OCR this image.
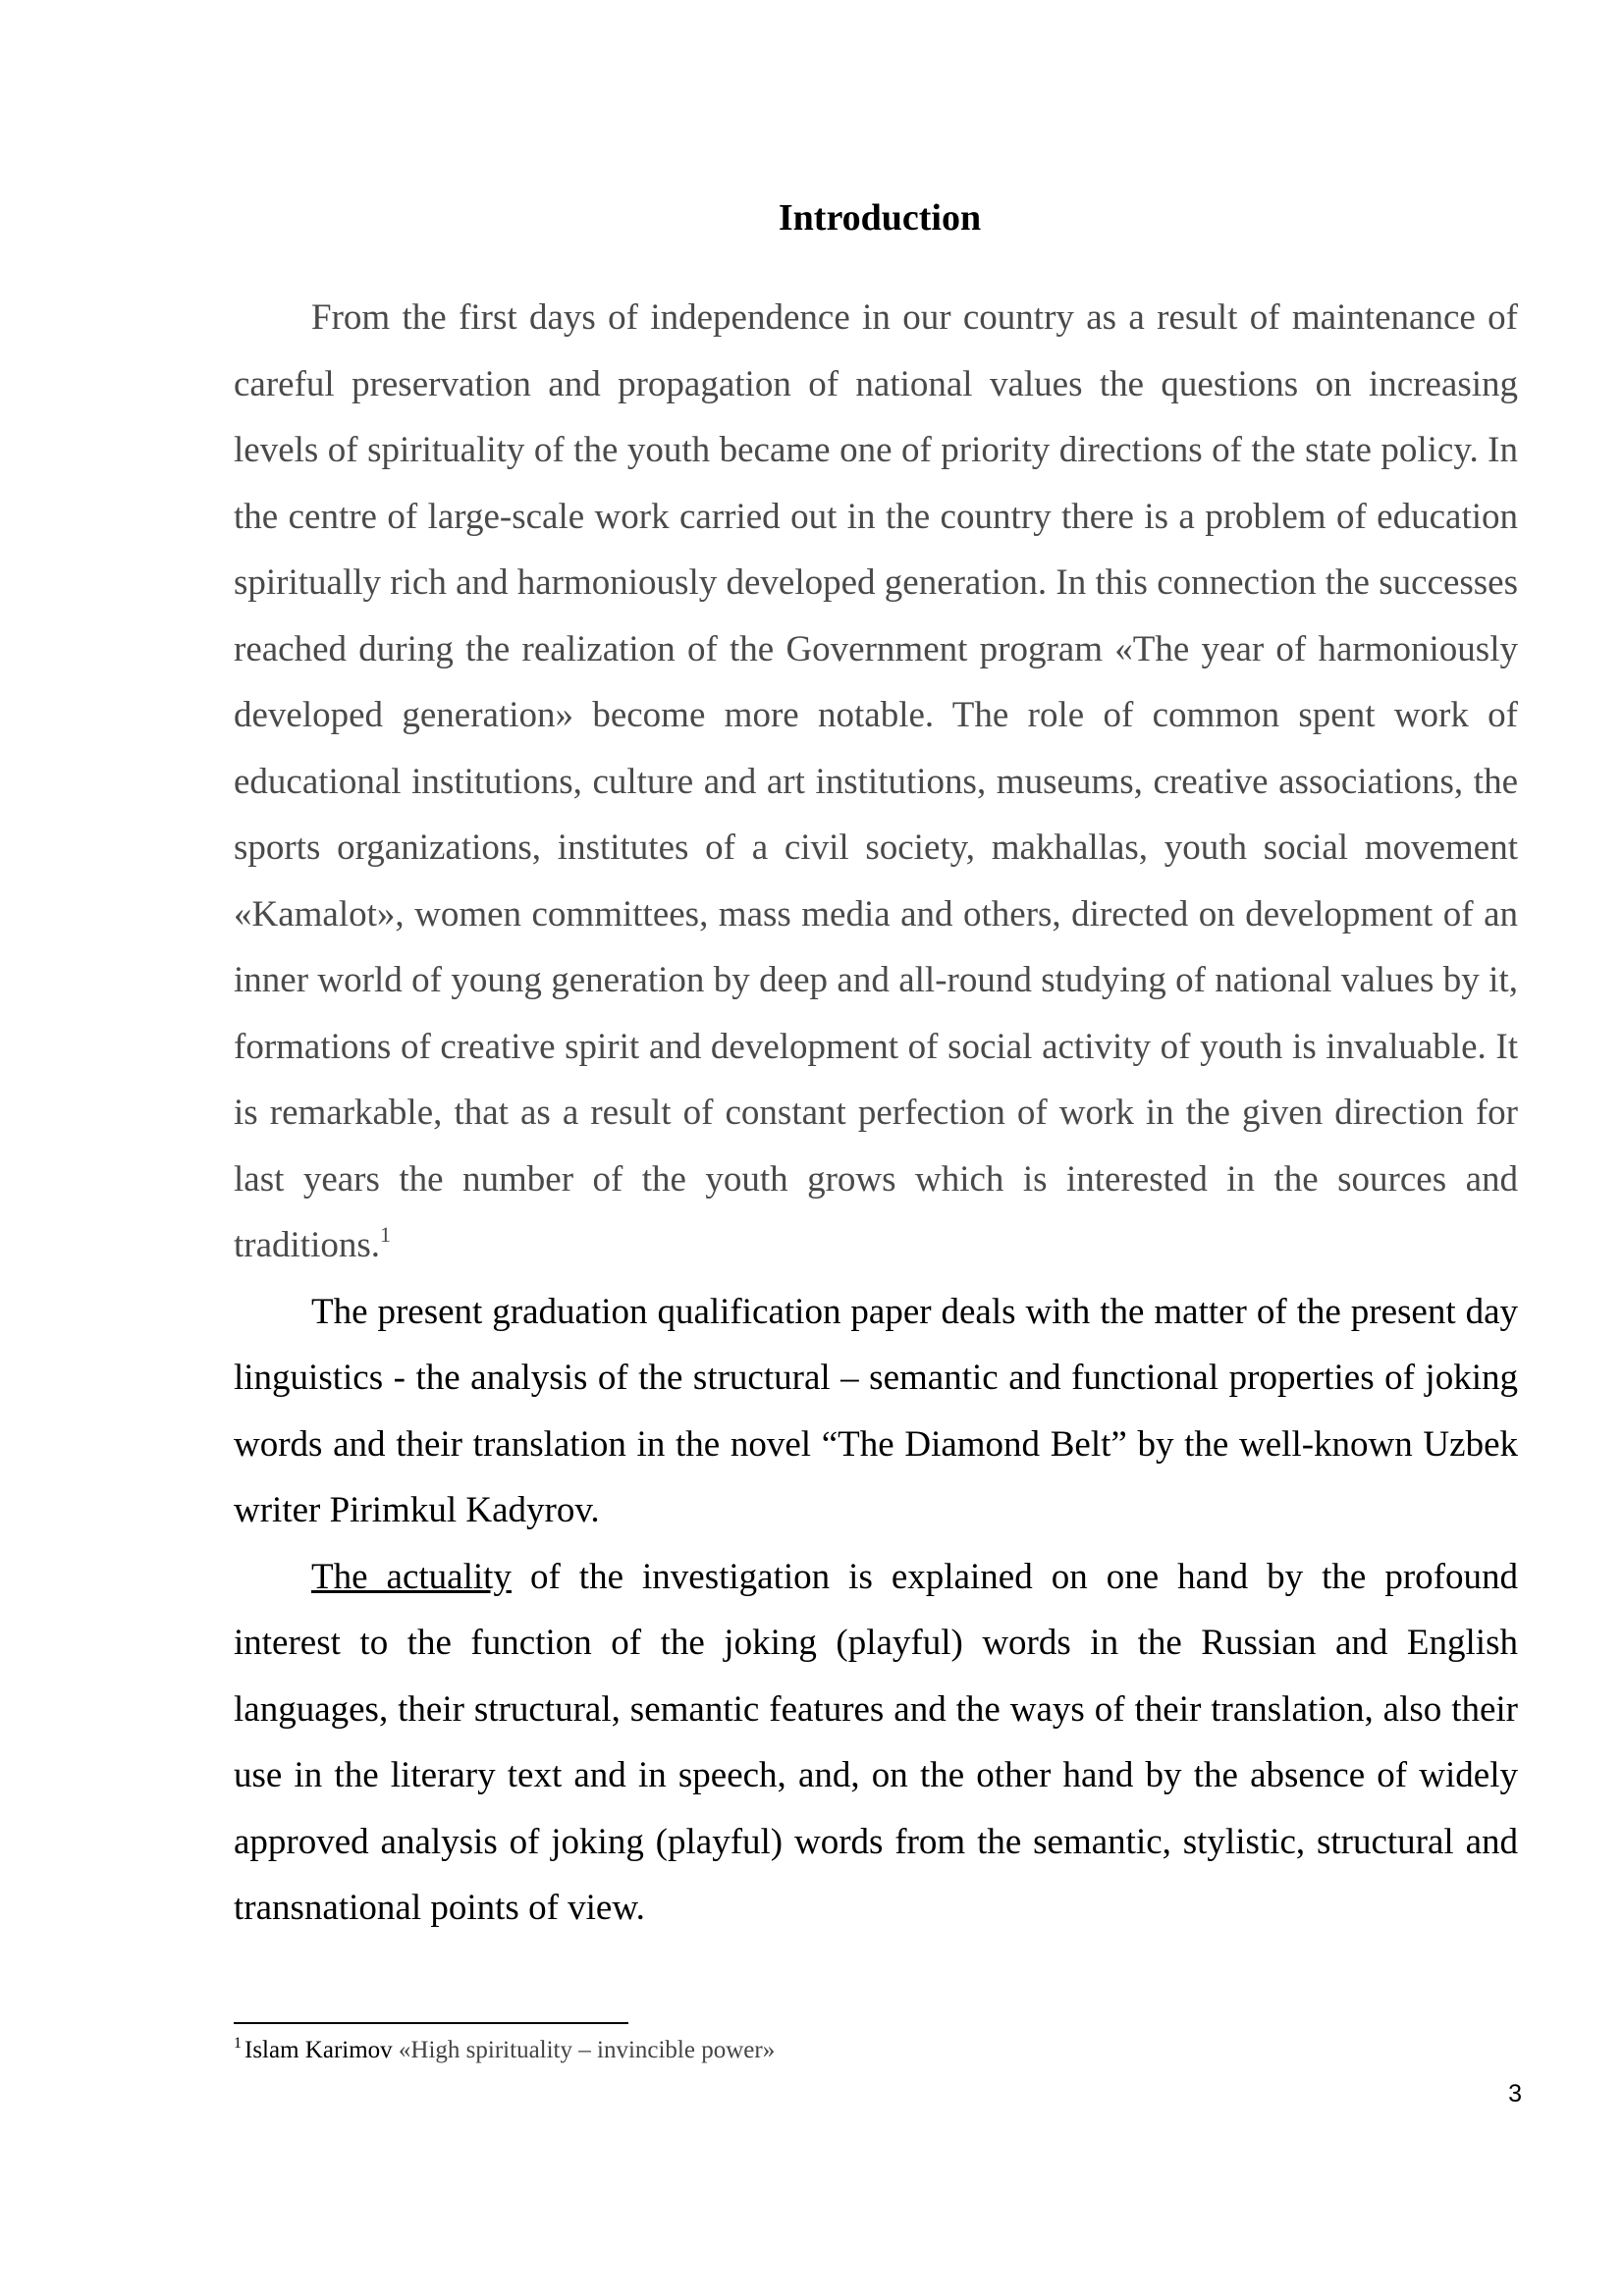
Introduction

From the first days of independence in our country as a result of maintenance of careful preservation and propagation of national values the questions on increasing levels of spirituality of the youth became one of priority directions of the state policy. In the centre of large-scale work carried out in the country there is a problem of education spiritually rich and harmoniously developed generation. In this connection the successes reached during the realization of the Government program «The year of harmoniously developed generation» become more notable. The role of common spent work of educational institutions, culture and art institutions, museums, creative associations, the sports organizations, institutes of a civil society, makhallas, youth social movement «Kamalot», women committees, mass media and others, directed on development of an inner world of young generation by deep and all-round studying of national values by it, formations of creative spirit and development of social activity of youth is invaluable. It is remarkable, that as a result of constant perfection of work in the given direction for last years the number of the youth grows which is interested in the sources and traditions.$^1$

The present graduation qualification paper deals with the matter of the present day linguistics - the analysis of the structural – semantic and functional properties of joking words and their translation in the novel “The Diamond Belt” by the well-known Uzbek writer Pirimkul Kadyrov.

The actuality of the investigation is explained on one hand by the profound interest to the function of the joking (playful) words in the Russian and English languages, their structural, semantic features and the ways of their translation, also their use in the literary text and in speech, and, on the other hand by the absence of widely approved analysis of joking (playful) words from the semantic, stylistic, structural and transnational points of view.

$^1$ Islam Karimov «High spirituality – invincible power»
3
